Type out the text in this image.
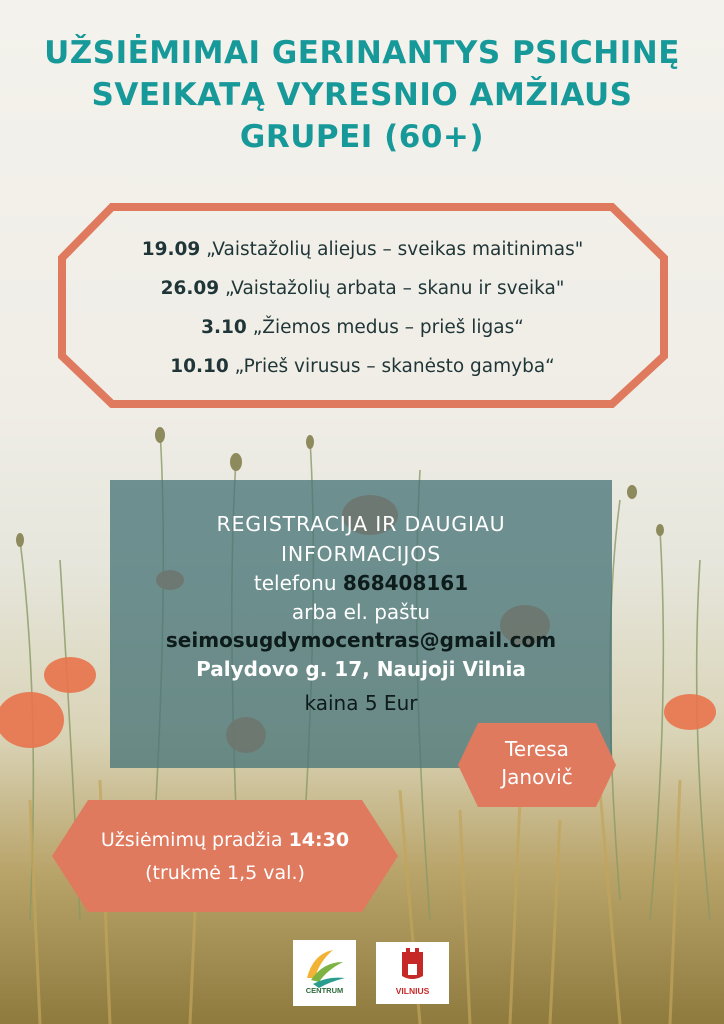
UŽSIĖMIMAI GERINANTYS PSICHINĘ
SVEIKATĄ VYRESNIO AMŽIAUS
GRUPEI (60+)
19.09 „Vaistažolių aliejus – sveikas maitinimas"
26.09 „Vaistažolių arbata – skanu ir sveika"
3.10 „Žiemos medus – prieš ligas“
10.10 „Prieš virusus – skanėsto gamyba“
REGISTRACIJA IR DAUGIAU
INFORMACIJOS
telefonu 868408161
arba el. paštu
seimosugdymocentras@gmail.com
Palydovo g. 17, Naujoji Vilnia
kaina 5 Eur
Teresa
Janovič
Užsiėmimų pradžia 14:30
(trukmė 1,5 val.)
CENTRUM	VILNIUS
